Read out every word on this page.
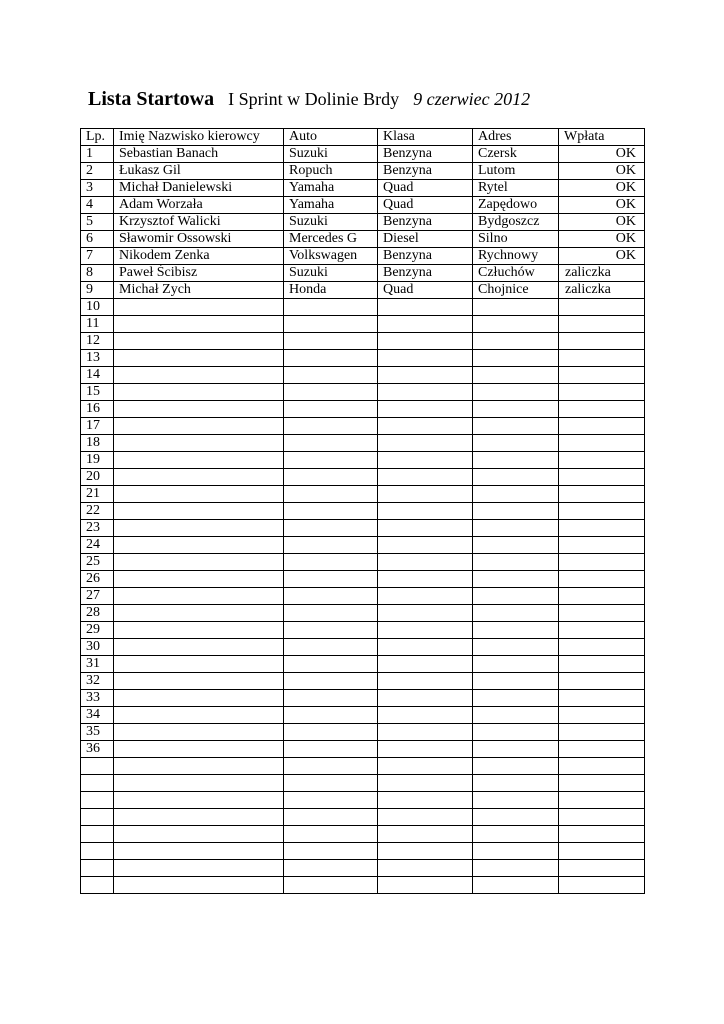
Lista Startowa I Sprint w Dolinie Brdy 9 czerwiec 2012
Lp.	Imię Nazwisko kierowcy	Auto	Klasa	Adres	Wpłata
1	Sebastian Banach	Suzuki	Benzyna	Czersk	OK
2	Łukasz Gil	Ropuch	Benzyna	Lutom	OK
3	Michał Danielewski	Yamaha	Quad	Rytel	OK
4	Adam Worzała	Yamaha	Quad	Zapędowo	OK
5	Krzysztof Walicki	Suzuki	Benzyna	Bydgoszcz	OK
6	Sławomir Ossowski	Mercedes G	Diesel	Silno	OK
7	Nikodem Zenka	Volkswagen	Benzyna	Rychnowy	OK
8	Paweł Ścibisz	Suzuki	Benzyna	Człuchów	zaliczka
9	Michał Zych	Honda	Quad	Chojnice	zaliczka
10					
11					
12					
13					
14					
15					
16					
17					
18					
19					
20					
21					
22					
23					
24					
25					
26					
27					
28					
29					
30					
31					
32					
33					
34					
35					
36					
